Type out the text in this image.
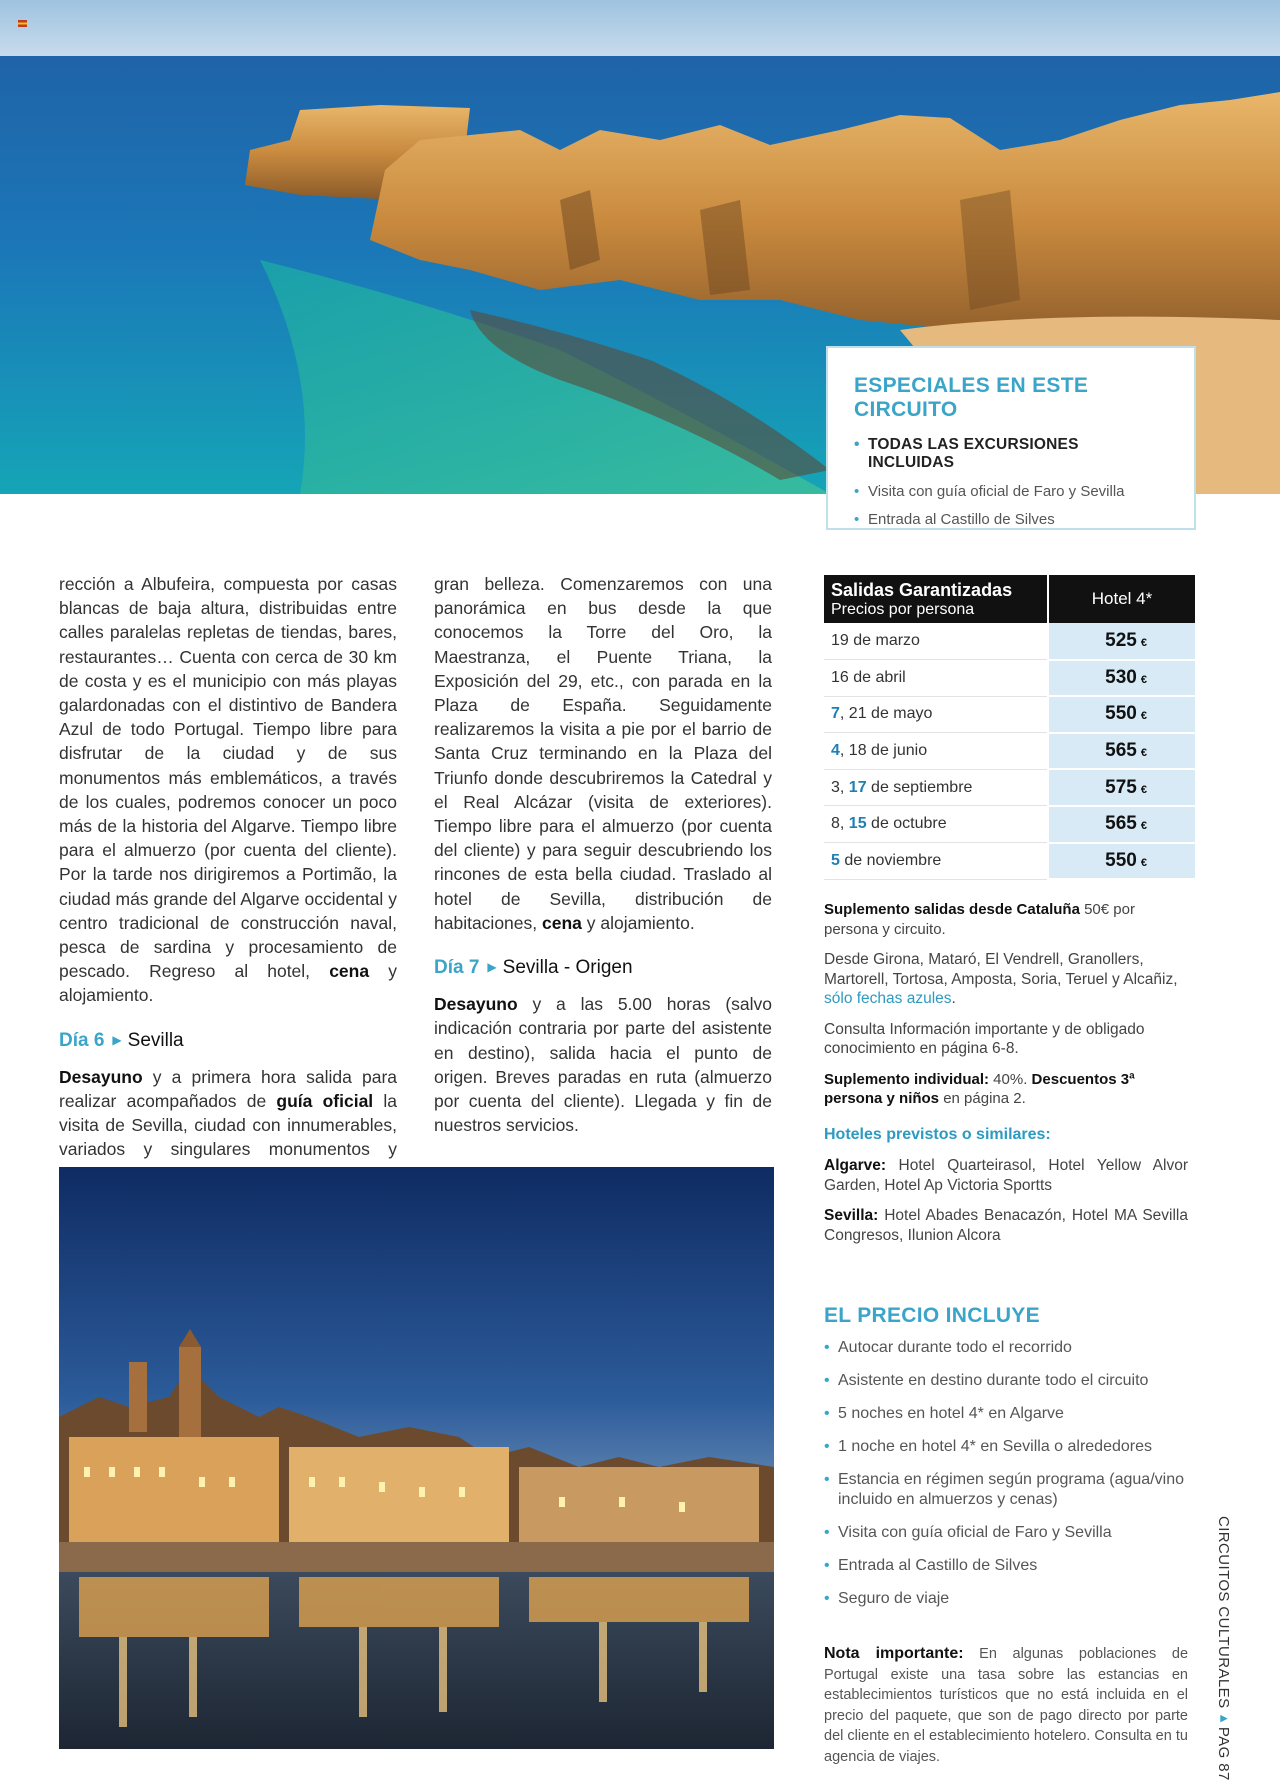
ESPECIALES EN ESTE CIRCUITO
• TODAS LAS EXCURSIONES INCLUIDAS
• Visita con guía oficial de Faro y Sevilla
• Entrada al Castillo de Silves

rección a Albufeira, compuesta por casas blancas de baja altura, distribuidas entre calles paralelas repletas de tiendas, bares, restaurantes… Cuenta con cerca de 30 km de costa y es el municipio con más playas galardonadas con el distintivo de Bandera Azul de todo Portugal. Tiempo libre para disfrutar de la ciudad y de sus monumentos más emblemáticos, a través de los cuales, podremos conocer un poco más de la historia del Algarve. Tiempo libre para el almuerzo (por cuenta del cliente). Por la tarde nos dirigiremos a Portimão, la ciudad más grande del Algarve occidental y centro tradicional de construcción naval, pesca de sardina y procesamiento de pescado. Regreso al hotel, cena y alojamiento.

Día 6 ▶ Sevilla

Desayuno y a primera hora salida para realizar acompañados de guía oficial la visita de Sevilla, ciudad con innumerables, variados y singulares monumentos y

gran belleza. Comenzaremos con una panorámica en bus desde la que conocemos la Torre del Oro, la Maestranza, el Puente Triana, la Exposición del 29, etc., con parada en la Plaza de España. Seguidamente realizaremos la visita a pie por el barrio de Santa Cruz terminando en la Plaza del Triunfo donde descubriremos la Catedral y el Real Alcázar (visita de exteriores). Tiempo libre para el almuerzo (por cuenta del cliente) y para seguir descubriendo los rincones de esta bella ciudad. Traslado al hotel de Sevilla, distribución de habitaciones, cena y alojamiento.

Día 7 ▶ Sevilla - Origen

Desayuno y a las 5.00 horas (salvo indicación contraria por parte del asistente en destino), salida hacia el punto de origen. Breves paradas en ruta (almuerzo por cuenta del cliente). Llegada y fin de nuestros servicios.

Salidas Garantizadas
Precios por persona	Hotel 4*
19 de marzo	525 €
16 de abril	530 €
7, 21 de mayo	550 €
4, 18 de junio	565 €
3, 17 de septiembre	575 €
8, 15 de octubre	565 €
5 de noviembre	550 €

Suplemento salidas desde Cataluña 50€ por persona y circuito.

Desde Girona, Mataró, El Vendrell, Granollers, Martorell, Tortosa, Amposta, Soria, Teruel y Alcañiz, sólo fechas azules.

Consulta Información importante y de obligado conocimiento en página 6-8.

Suplemento individual: 40%. Descuentos 3ª persona y niños en página 2.

Hoteles previstos o similares:

Algarve: Hotel Quarteirasol, Hotel Yellow Alvor Garden, Hotel Ap Victoria Sportts

Sevilla: Hotel Abades Benacazón, Hotel MA Sevilla Congresos, Ilunion Alcora

EL PRECIO INCLUYE
• Autocar durante todo el recorrido
• Asistente en destino durante todo el circuito
• 5 noches en hotel 4* en Algarve
• 1 noche en hotel 4* en Sevilla o alrededores
• Estancia en régimen según programa (agua/vino incluido en almuerzos y cenas)
• Visita con guía oficial de Faro y Sevilla
• Entrada al Castillo de Silves
• Seguro de viaje
Nota importante: En algunas poblaciones de Portugal existe una tasa sobre las estancias en establecimientos turísticos que no está incluida en el precio del paquete, que son de pago directo por parte del cliente en el establecimiento hotelero. Consulta en tu agencia de viajes.
CIRCUITOS CULTURALES▸PAG 87
